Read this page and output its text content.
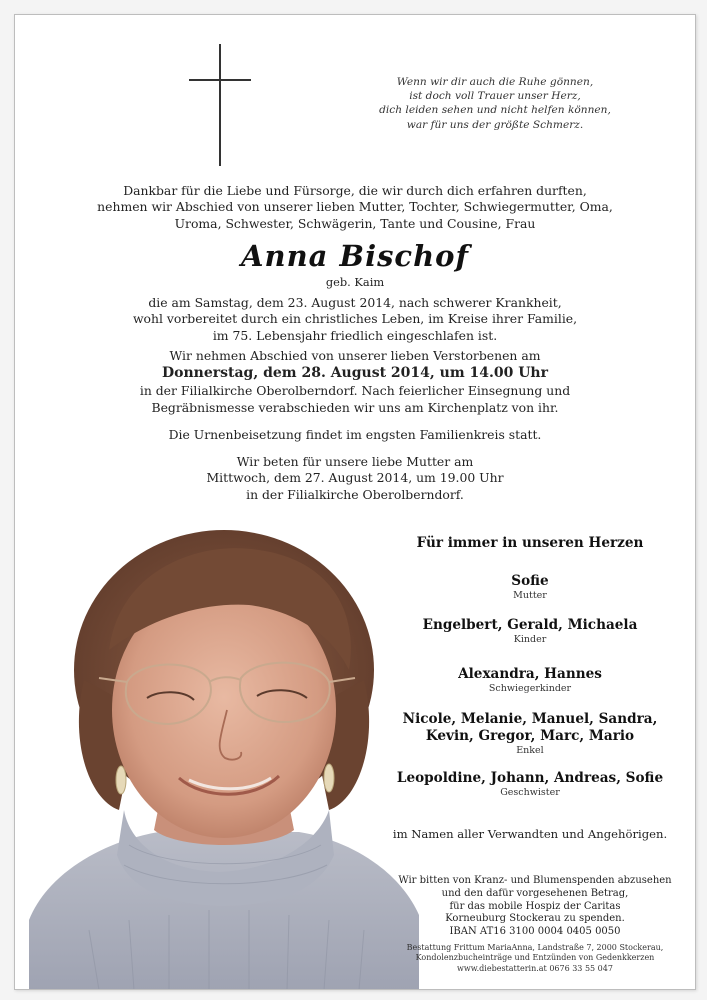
Wenn wir dir auch die Ruhe gönnen,
ist doch voll Trauer unser Herz,
dich leiden sehen und nicht helfen können,
war für uns der größte Schmerz.
Dankbar für die Liebe und Fürsorge, die wir durch dich erfahren durften,
nehmen wir Abschied von unserer lieben Mutter, Tochter, Schwiegermutter, Oma,
Uroma, Schwester, Schwägerin, Tante und Cousine, Frau
Anna Bischof
geb. Kaim
die am Samstag, dem 23. August 2014, nach schwerer Krankheit,
wohl vorbereitet durch ein christliches Leben, im Kreise ihrer Familie,
im 75. Lebensjahr friedlich eingeschlafen ist.
Wir nehmen Abschied von unserer lieben Verstorbenen am
Donnerstag, dem 28. August 2014, um 14.00 Uhr
in der Filialkirche Oberolberndorf. Nach feierlicher Einsegnung und
Begräbnismesse verabschieden wir uns am Kirchenplatz von ihr.
Die Urnenbeisetzung findet im engsten Familienkreis statt.
Wir beten für unsere liebe Mutter am
Mittwoch, dem 27. August 2014, um 19.00 Uhr
in der Filialkirche Oberolberndorf.
Für immer in unseren Herzen
Sofie
Mutter
Engelbert, Gerald, Michaela
Kinder
Alexandra, Hannes
Schwiegerkinder
Nicole, Melanie, Manuel, Sandra,
Kevin, Gregor, Marc, Mario
Enkel
Leopoldine, Johann, Andreas, Sofie
Geschwister
im Namen aller Verwandten und Angehörigen.
Wir bitten von Kranz- und Blumenspenden abzusehen
und den dafür vorgesehenen Betrag,
für das mobile Hospiz der Caritas
Korneuburg Stockerau zu spenden.
IBAN AT16 3100 0004 0405 0050
Bestattung Frittum MariaAnna, Landstraße 7, 2000 Stockerau,
Kondolenzbucheinträge und Entzünden von Gedenkkerzen
www.diebestatterin.at 0676 33 55 047
